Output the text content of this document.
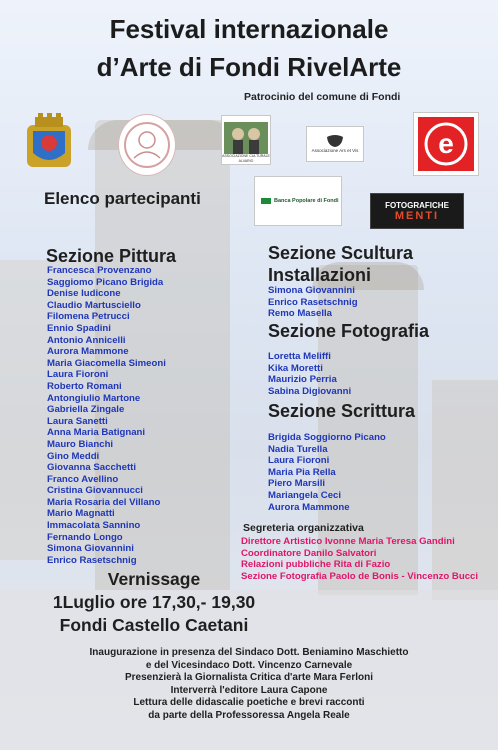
Festival internazionale
d’Arte di Fondi RivelArte
Patrocinio del comune di Fondi
ASSOCIAZIONE CULTURALE ALVARIO
Associazione Ars et Vis	e
Elenco partecipanti	Banca Popolare di Fondi	FOTOGRAFICHE
MENTI
Sezione Pittura
Francesca Provenzano
Saggiomo Picano Brigida
Denise Iudicone
Claudio Martusciello
Filomena Petrucci
Ennio Spadini
Antonio Annicelli
Aurora Mammone
Maria Giacomella Simeoni
Laura Fioroni
Roberto Romani
Antongiulio Martone
Gabriella Zingale
Laura Sanetti
Anna Maria Batignani
Mauro Bianchi
Gino Meddi
Giovanna Sacchetti
Franco Avellino
Cristina Giovannucci
Maria Rosaria del Villano
Mario Magnatti
Immacolata Sannino
Fernando Longo
Simona Giovannini
Enrico Rasetschnig
Sezione Scultura
Installazioni
Simona Giovannini
Enrico Rasetschnig
Remo Masella
Sezione Fotografia
Loretta Meliffi
Kika Moretti
Maurizio Perria
Sabina Digiovanni
Sezione Scrittura
Brigida Soggiorno Picano
Nadia Turella
Laura Fioroni
Maria Pia Rella
Piero Marsili
Mariangela Ceci
Aurora Mammone
Segreteria organizzativa
Direttore Artistico Ivonne Maria Teresa Gandini
Coordinatore Danilo Salvatori
Relazioni pubbliche Rita di Fazio
Sezione Fotografia Paolo de Bonis - Vincenzo Bucci
Vernissage
1Luglio ore 17,30,- 19,30
Fondi Castello Caetani
Inaugurazione in presenza del Sindaco Dott. Beniamino Maschietto
e del Vicesindaco Dott. Vincenzo Carnevale
Presenzierà la Giornalista Critica d'arte Mara Ferloni
Interverrà l'editore Laura Capone
Lettura delle didascalie poetiche e brevi racconti
da parte della Professoressa Angela Reale
